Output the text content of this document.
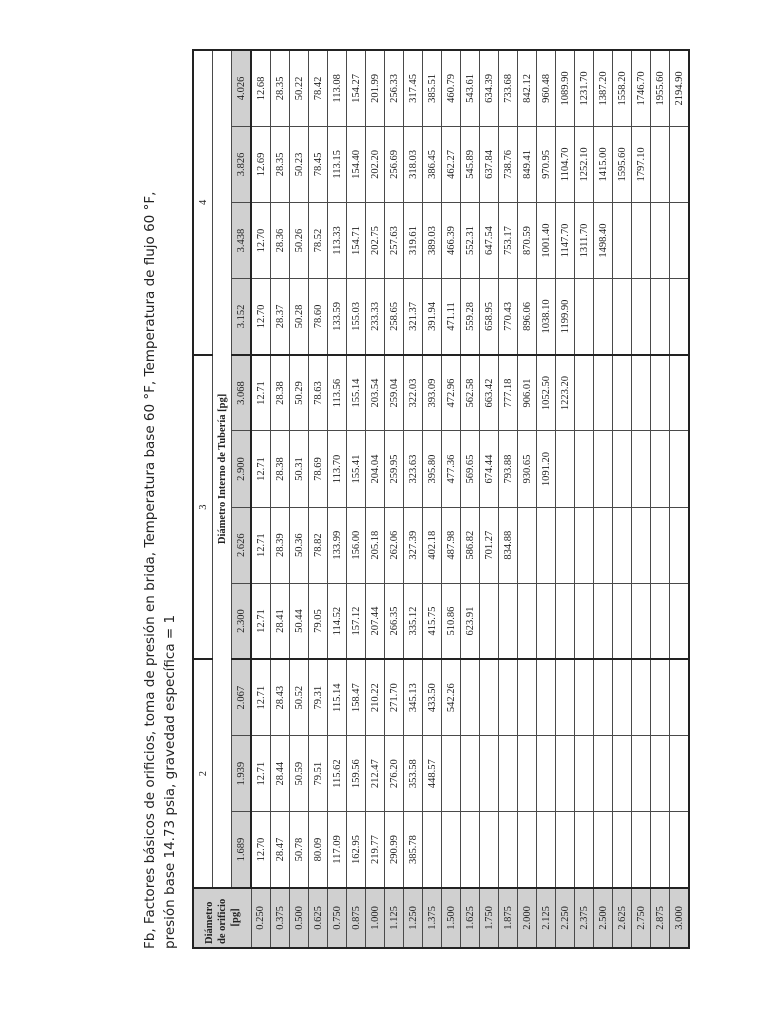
Fb, Factores básicos de orificios, toma de presión en brida, Temperatura base 60 °F, Temperatura de flujo 60 °F, presión base 14.73 psia, gravedad específica = 1 Diámetro de orificio [pg]	2			3				4			
	Diámetro Interno de Tubería [pg]										
	1.689	1.939	2.067	2.300	2.626	2.900	3.068	3.152	3.438	3.826	4.026
0.250	12.70	12.71	12.71	12.71	12.71	12.71	12.71	12.70	12.70	12.69	12.68
0.375	28.47	28.44	28.43	28.41	28.39	28.38	28.38	28.37	28.36	28.35	28.35
0.500	50.78	50.59	50.52	50.44	50.36	50.31	50.29	50.28	50.26	50.23	50.22
0.625	80.09	79.51	79.31	79.05	78.82	78.69	78.63	78.60	78.52	78.45	78.42
0.750	117.09	115.62	115.14	114.52	133.99	113.70	113.56	133.59	113.33	113.15	113.08
0.875	162.95	159.56	158.47	157.12	156.00	155.41	155.14	155.03	154.71	154.40	154.27
1.000	219.77	212.47	210.22	207.44	205.18	204.04	203.54	233.33	202.75	202.20	201.99
1.125	290.99	276.20	271.70	266.35	262.06	259.95	259.04	258.65	257.63	256.69	256.33
1.250	385.78	353.58	345.13	335.12	327.39	323.63	322.03	321.37	319.61	318.03	317.45
1.375		448.57	433.50	415.75	402.18	395.80	393.09	391.94	389.03	386.45	385.51
1.500			542.26	510.86	487.98	477.36	472.96	471.11	466.39	462.27	460.79
1.625				623.91	586.82	569.65	562.58	559.28	552.31	545.89	543.61
1.750					701.27	674.44	663.42	658.95	647.54	637.84	634.39
1.875					834.88	793.88	777.18	770.43	753.17	738.76	733.68
2.000						930.65	906.01	896.06	870.59	849.41	842.12
2.125						1091.20	1052.50	1038.10	1001.40	970.95	960.48
2.250							1223.20	1199.90	1147.70	1104.70	1089.90
2.375									1311.70	1252.10	1231.70
2.500									1498.40	1415.00	1387.20
2.625										1595.60	1558.20
2.750										1797.10	1746.70
2.875											1955.60
3.000											2194.90
